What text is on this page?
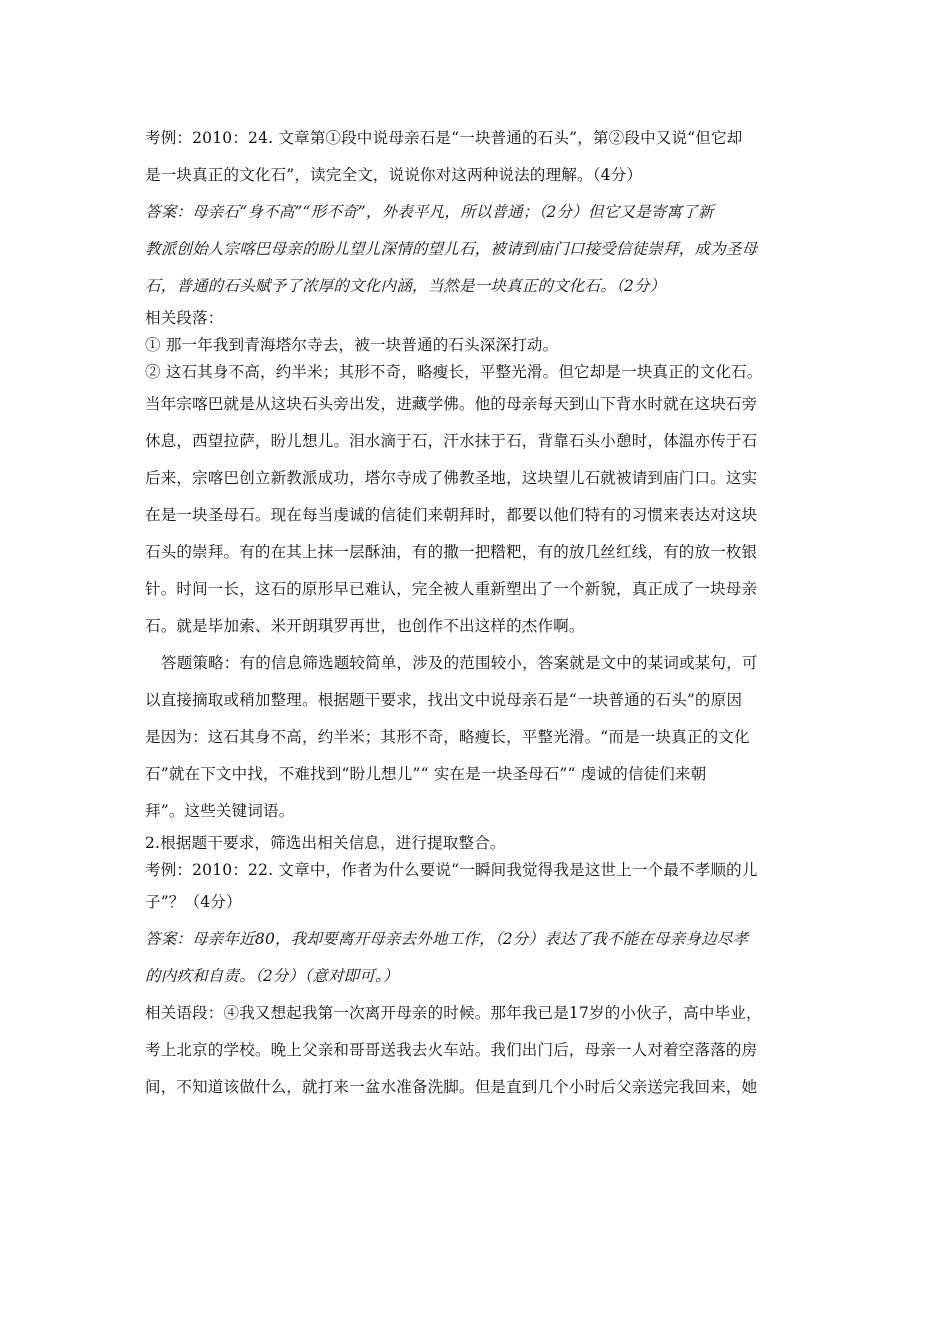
考例：2010：24. 文章第①段中说母亲石是“一块普通的石头”，第②段中又说“但它却
是一块真正的文化石”，读完全文，说说你对这两种说法的理解。（4分）
答案：母亲石“身不高”“形不奇”，外表平凡，所以普通；（2分）但它又是寄寓了新
教派创始人宗喀巴母亲的盼儿望儿深情的望儿石，被请到庙门口接受信徒崇拜，成为圣母
石，普通的石头赋予了浓厚的文化内涵，当然是一块真正的文化石。（2分）
相关段落：
① 那一年我到青海塔尔寺去，被一块普通的石头深深打动。
② 这石其身不高，约半米；其形不奇，略瘦长，平整光滑。但它却是一块真正的文化石。
当年宗喀巴就是从这块石头旁出发，进藏学佛。他的母亲每天到山下背水时就在这块石旁
休息，西望拉萨，盼儿想儿。泪水滴于石，汗水抹于石，背靠石头小憩时，体温亦传于石
后来，宗喀巴创立新教派成功，塔尔寺成了佛教圣地，这块望儿石就被请到庙门口。这实
在是一块圣母石。现在每当虔诚的信徒们来朝拜时，都要以他们特有的习惯来表达对这块
石头的崇拜。有的在其上抹一层酥油，有的撒一把糌粑，有的放几丝红线，有的放一枚银
针。时间一长，这石的原形早已难认，完全被人重新塑出了一个新貌，真正成了一块母亲
石。就是毕加索、米开朗琪罗再世，也创作不出这样的杰作啊。
答题策略：有的信息筛选题较简单，涉及的范围较小，答案就是文中的某词或某句，可
以直接摘取或稍加整理。根据题干要求，找出文中说母亲石是“一块普通的石头”的原因
是因为：这石其身不高，约半米；其形不奇，略瘦长，平整光滑。“而是一块真正的文化
石”就在下文中找，不难找到“盼儿想儿”“ 实在是一块圣母石”“ 虔诚的信徒们来朝
拜”。这些关键词语。
2.根据题干要求，筛选出相关信息，进行提取整合。
考例：2010：22. 文章中，作者为什么要说“一瞬间我觉得我是这世上一个最不孝顺的儿
子”？（4分）
答案：母亲年近80，我却要离开母亲去外地工作，（2分）表达了我不能在母亲身边尽孝
的内疚和自责。（2分）（意对即可。）
相关语段：④我又想起我第一次离开母亲的时候。那年我已是17岁的小伙子，高中毕业，
考上北京的学校。晚上父亲和哥哥送我去火车站。我们出门后，母亲一人对着空落落的房
间，不知道该做什么，就打来一盆水准备洗脚。但是直到几个小时后父亲送完我回来，她
